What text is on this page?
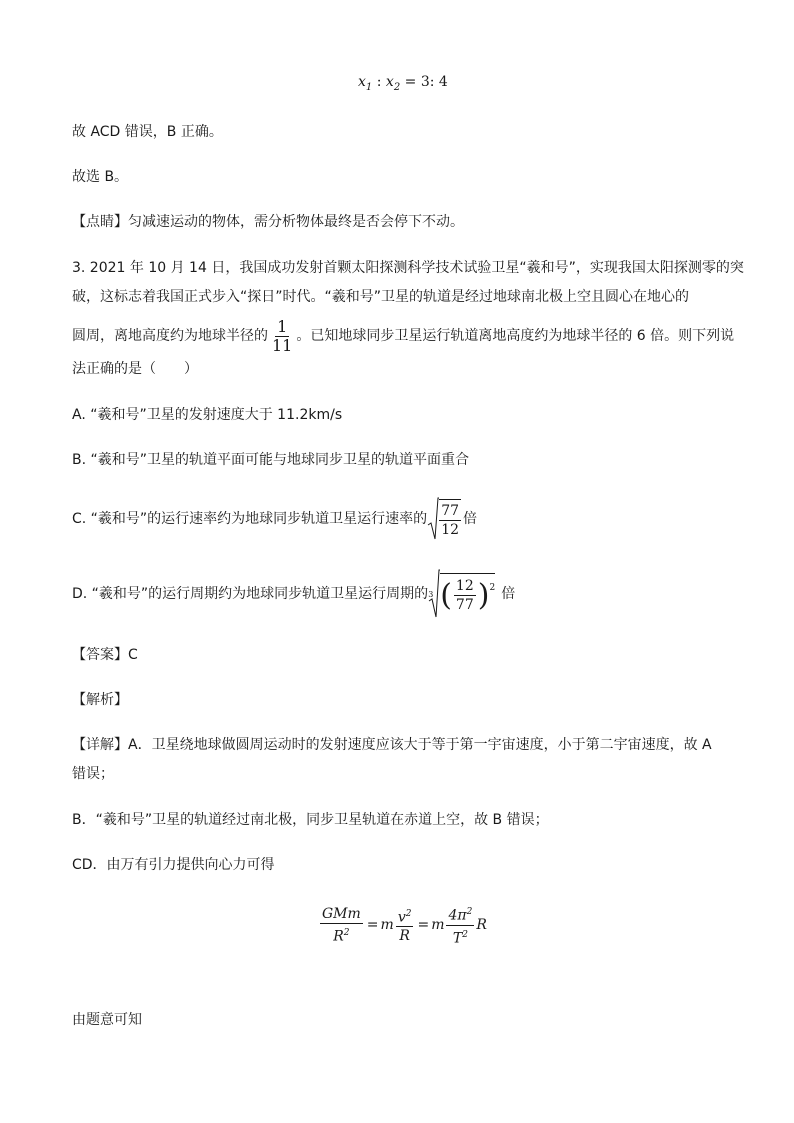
$x_1$ : $x_2 = 3$: 4
故 ACD 错误，B 正确。
故选 B。
【点睛】匀减速运动的物体，需分析物体最终是否会停下不动。
3. 2021 年 10 月 14 日，我国成功发射首颗太阳探测科学技术试验卫星“羲和号”，实现我国太阳探测零的突
破，这标志着我国正式步入“探日”时代。“羲和号”卫星的轨道是经过地球南北极上空且圆心在地心的
圆周，离地高度约为地球半径的 $\frac{1}{11}$ 。已知地球同步卫星运行轨道离地高度约为地球半径的 6 倍。则下列说
法正确的是（　　）
A. “羲和号”卫星的发射速度大于 11.2km/s
B. “羲和号”卫星的轨道平面可能与地球同步卫星的轨道平面重合
C. “羲和号”的运行速率约为地球同步轨道卫星运行速率的 $\frac{77}{12}$ 倍
D. “羲和号”的运行周期约为地球同步轨道卫星运行周期的 3 ( $\frac{12}{77}$ ) 2 倍
【答案】C
【解析】
【详解】A．卫星绕地球做圆周运动时的发射速度应该大于等于第一宇宙速度，小于第二宇宙速度，故 A
错误；
B．“羲和号”卫星的轨道经过南北极，同步卫星轨道在赤道上空，故 B 错误；
CD．由万有引力提供向心力可得
$\frac{\text{GMm}}{R^2} = m \frac{v^2}{R} = m \frac{4\pi^2}{T^2}$ R
由题意可知
